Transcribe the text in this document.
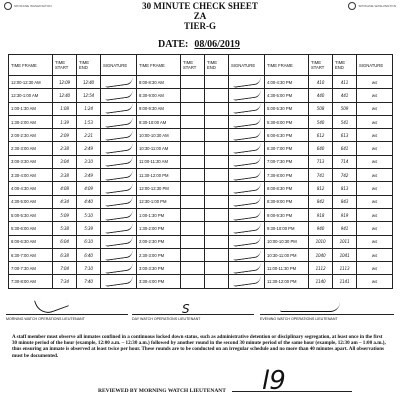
SPOKANE WASHINGTON	SPOKANE WASHINGTON
30 MINUTE CHECK SHEET
ZA
TIER-G
DATE: 08/06/2019
TIME FRAME	TIME START	TIME END	SIGNATURE	TIME FRAME	TIME START	TIME END	SIGNATURE	TIME FRAME	TIME START	TIME END	SIGNATURE
12:00-12:30 AM	12:09	12:40		8:00-8:30 AM				4:00-4:30 PM	410	411	ws
12:30-1:00 AM	12:40	12:54		8:30-9:00 AM				4:30-5:00 PM	440	441	ws
1:00-1:30 AM	1:08	1:24		9:00-9:30 AM				5:00-5:30 PM	508	509	ws
1:30-2:00 AM	1:39	1:53		9:30-10:00 AM				5:30-6:00 PM	540	541	ws
2:00-2:30 AM	2:09	2:21		10:00-10:30 AM				6:00-6:30 PM	612	613	ws
2:30-3:00 AM	2:38	2:49		10:30-11:00 AM				6:30-7:00 PM	640	641	ws
3:00-3:30 AM	3:04	3:10		11:00-11:30 AM				7:00-7:30 PM	713	714	ws
3:30-4:00 AM	3:38	3:49		11:30-12:00 PM				7:30-8:00 PM	741	742	ws
4:00-4:30 AM	4:08	4:09		12:00-12:30 PM				8:00-8:30 PM	812	813	ws
4:30-5:00 AM	4:34	4:40		12:30-1:00 PM				8:30-9:00 PM	842	843	ws
5:00-5:30 AM	5:09	5:10		1:00-1:30 PM				9:00-9:30 PM	918	919	ws
5:30-6:00 AM	5:38	5:39		1:30-2:00 PM				9:30-10:00 PM	940	941	ws
6:00-6:30 AM	6:04	6:10		2:00-2:30 PM				10:00-10:30 PM	1010	1011	ws
6:30-7:00 AM	6:38	6:40		2:30-3:00 PM				10:30-11:00 PM	1040	1041	ws
7:00-7:30 AM	7:04	7:10		3:00-3:30 PM				11:00-11:30 PM	1112	1113	ws
7:30-8:00 AM	7:34	7:40		3:30-4:00 PM				11:30-12:00 PM	1140	1141	ws
MORNING WATCH OPERATIONS LIEUTENANT
S
DAY WATCH OPERATIONS LIEUTENANT	EVENING WATCH OPERATIONS LIEUTENANT
A staff member must observe all inmates confined in a continuous locked down status, such as administrative detention or disciplinary segregation, at least once in the first 30 minute period of the hour (example, 12:00 a.m. – 12:30 a.m.) followed by another round in the second 30 minute period of the same hour (example, 12:30 am – 1:00 a.m.), thus ensuring an inmate is observed at least twice per hour. These rounds are to be conducted on an irregular schedule and no more than 40 minutes apart. All observations must be documented.
l9
REVIEWED BY MORNING WATCH LIEUTENANT
